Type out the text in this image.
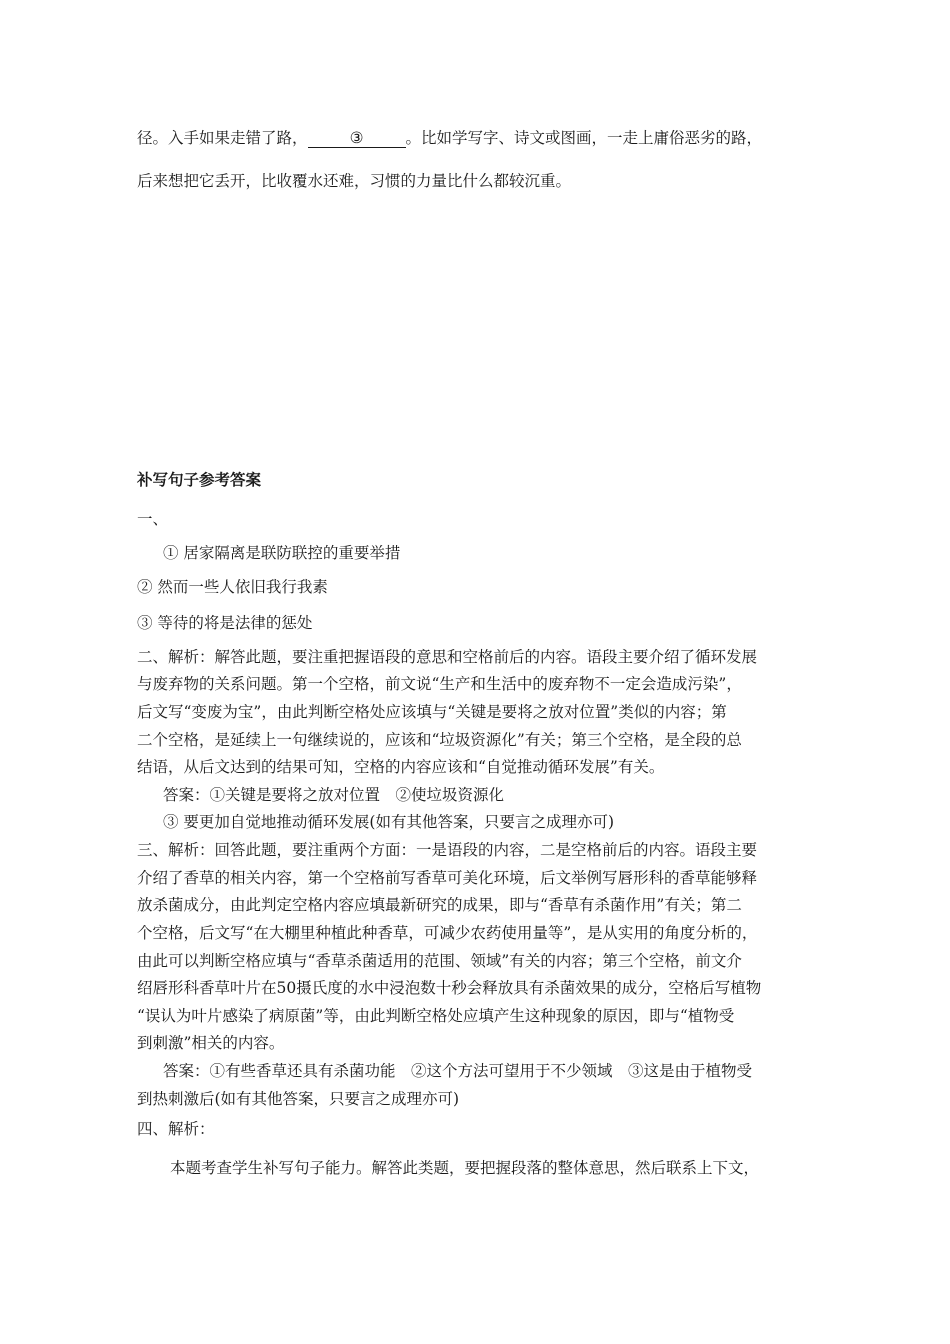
径。入手如果走错了路，	③	。比如学写字、诗文或图画，一走上庸俗恶劣的路，
后来想把它丢开，比收覆水还难，习惯的力量比什么都较沉重。
补写句子参考答案
一、
① 居家隔离是联防联控的重要举措
② 然而一些人依旧我行我素
③ 等待的将是法律的惩处
二、解析：解答此题，要注重把握语段的意思和空格前后的内容。语段主要介绍了循环发展
与废弃物的关系问题。第一个空格，前文说“生产和生活中的废弃物不一定会造成污染”，
后文写“变废为宝”，由此判断空格处应该填与“关键是要将之放对位置”类似的内容；第
二个空格，是延续上一句继续说的，应该和“垃圾资源化”有关；第三个空格，是全段的总
结语，从后文达到的结果可知，空格的内容应该和“自觉推动循环发展”有关。
答案：①关键是要将之放对位置　②使垃圾资源化
③ 要更加自觉地推动循环发展(如有其他答案，只要言之成理亦可)
三、解析：回答此题，要注重两个方面：一是语段的内容，二是空格前后的内容。语段主要
介绍了香草的相关内容，第一个空格前写香草可美化环境，后文举例写唇形科的香草能够释
放杀菌成分，由此判定空格内容应填最新研究的成果，即与“香草有杀菌作用”有关；第二
个空格，后文写“在大棚里种植此种香草，可减少农药使用量等”，是从实用的角度分析的，
由此可以判断空格应填与“香草杀菌适用的范围、领域”有关的内容；第三个空格，前文介
绍唇形科香草叶片在50摄氏度的水中浸泡数十秒会释放具有杀菌效果的成分，空格后写植物
“误认为叶片感染了病原菌”等，由此判断空格处应填产生这种现象的原因，即与“植物受
到刺激”相关的内容。
答案：①有些香草还具有杀菌功能　②这个方法可望用于不少领域　③这是由于植物受
到热刺激后(如有其他答案，只要言之成理亦可)
四、解析：
本题考查学生补写句子能力。解答此类题，要把握段落的整体意思，然后联系上下文，
